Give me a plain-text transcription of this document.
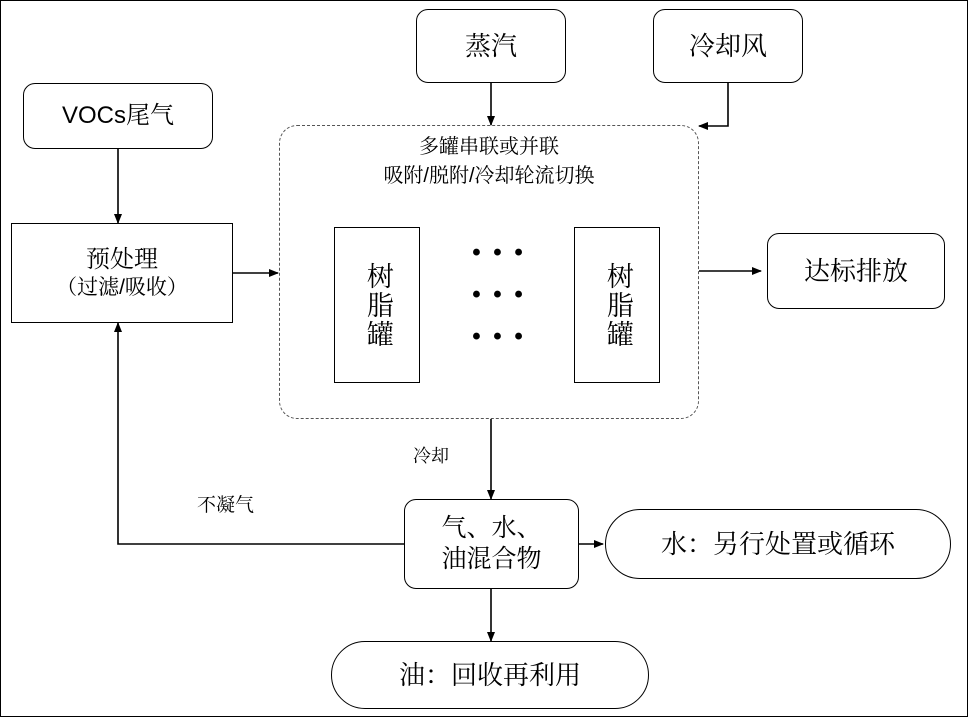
多罐串联或并联
吸附/脱附/冷却轮流切换
蒸汽	冷却风
VOCs尾气
预处理
（过滤/吸收）	树脂罐	树脂罐
• • •
• • •
• • •
达标排放
气、水、
油混合物
水：另行处置或循环
油：回收再利用
冷却
不凝气
